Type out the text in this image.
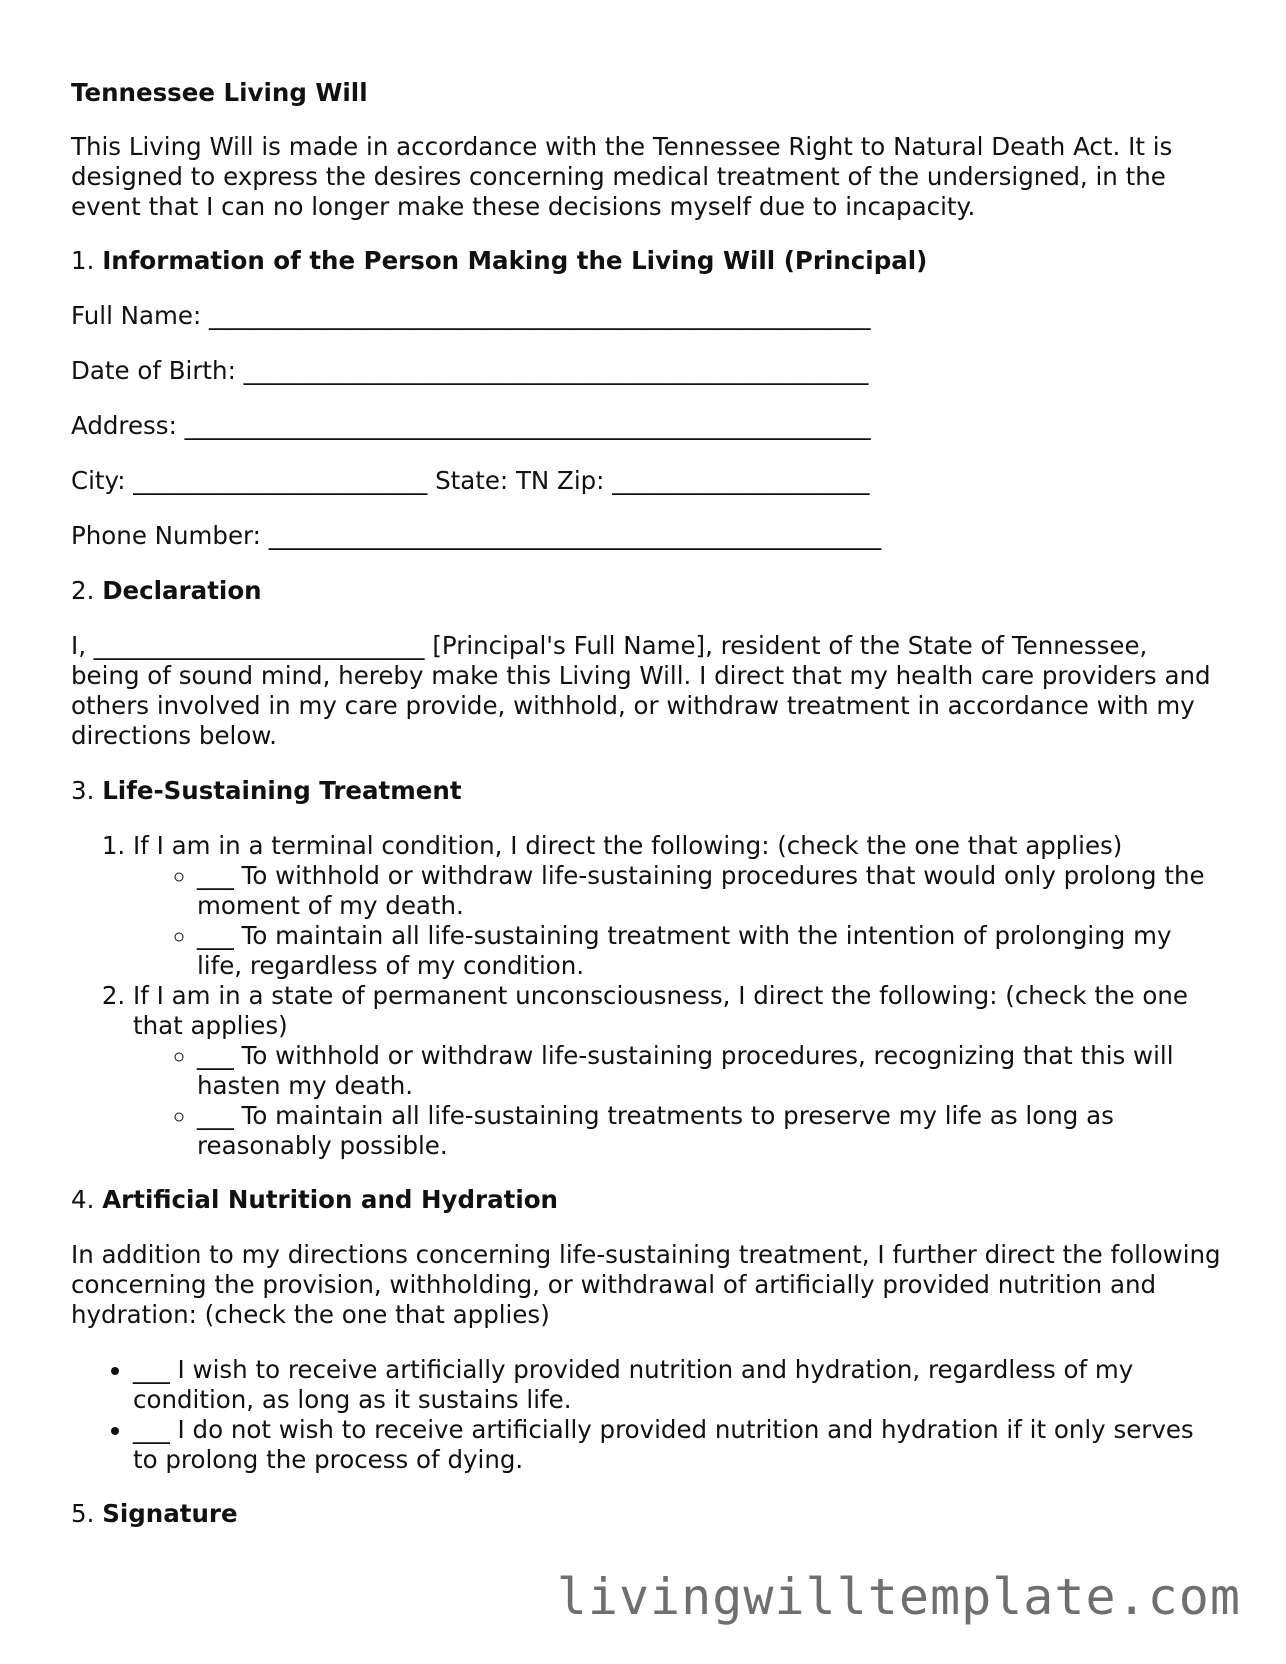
Tennessee Living Will

This Living Will is made in accordance with the Tennessee Right to Natural Death Act. It is designed to express the desires concerning medical treatment of the undersigned, in the event that I can no longer make these decisions myself due to incapacity.

1. Information of the Person Making the Living Will (Principal)
Full Name: ______________________________________________________
Date of Birth: ___________________________________________________
Address: ________________________________________________________
City: ________________________ State: TN Zip: _____________________
Phone Number: __________________________________________________
2. Declaration

I, ___________________________ [Principal's Full Name], resident of the State of Tennessee, being of sound mind, hereby make this Living Will. I direct that my health care providers and others involved in my care provide, withhold, or withdraw treatment in accordance with my directions below.

3. Life-Sustaining Treatment
1. If I am in a terminal condition, I direct the following: (check the one that applies)
◦ ___ To withhold or withdraw life-sustaining procedures that would only prolong the moment of my death.
◦ ___ To maintain all life-sustaining treatment with the intention of prolonging my life, regardless of my condition.
2. If I am in a state of permanent unconsciousness, I direct the following: (check the one that applies)
◦ ___ To withhold or withdraw life-sustaining procedures, recognizing that this will hasten my death.
◦ ___ To maintain all life-sustaining treatments to preserve my life as long as reasonably possible.
4. Artificial Nutrition and Hydration

In addition to my directions concerning life-sustaining treatment, I further direct the following concerning the provision, withholding, or withdrawal of artificially provided nutrition and hydration: (check the one that applies)

• ___ I wish to receive artificially provided nutrition and hydration, regardless of my condition, as long as it sustains life.
• ___ I do not wish to receive artificially provided nutrition and hydration if it only serves to prolong the process of dying.
5. Signature
livingwilltemplate.com
